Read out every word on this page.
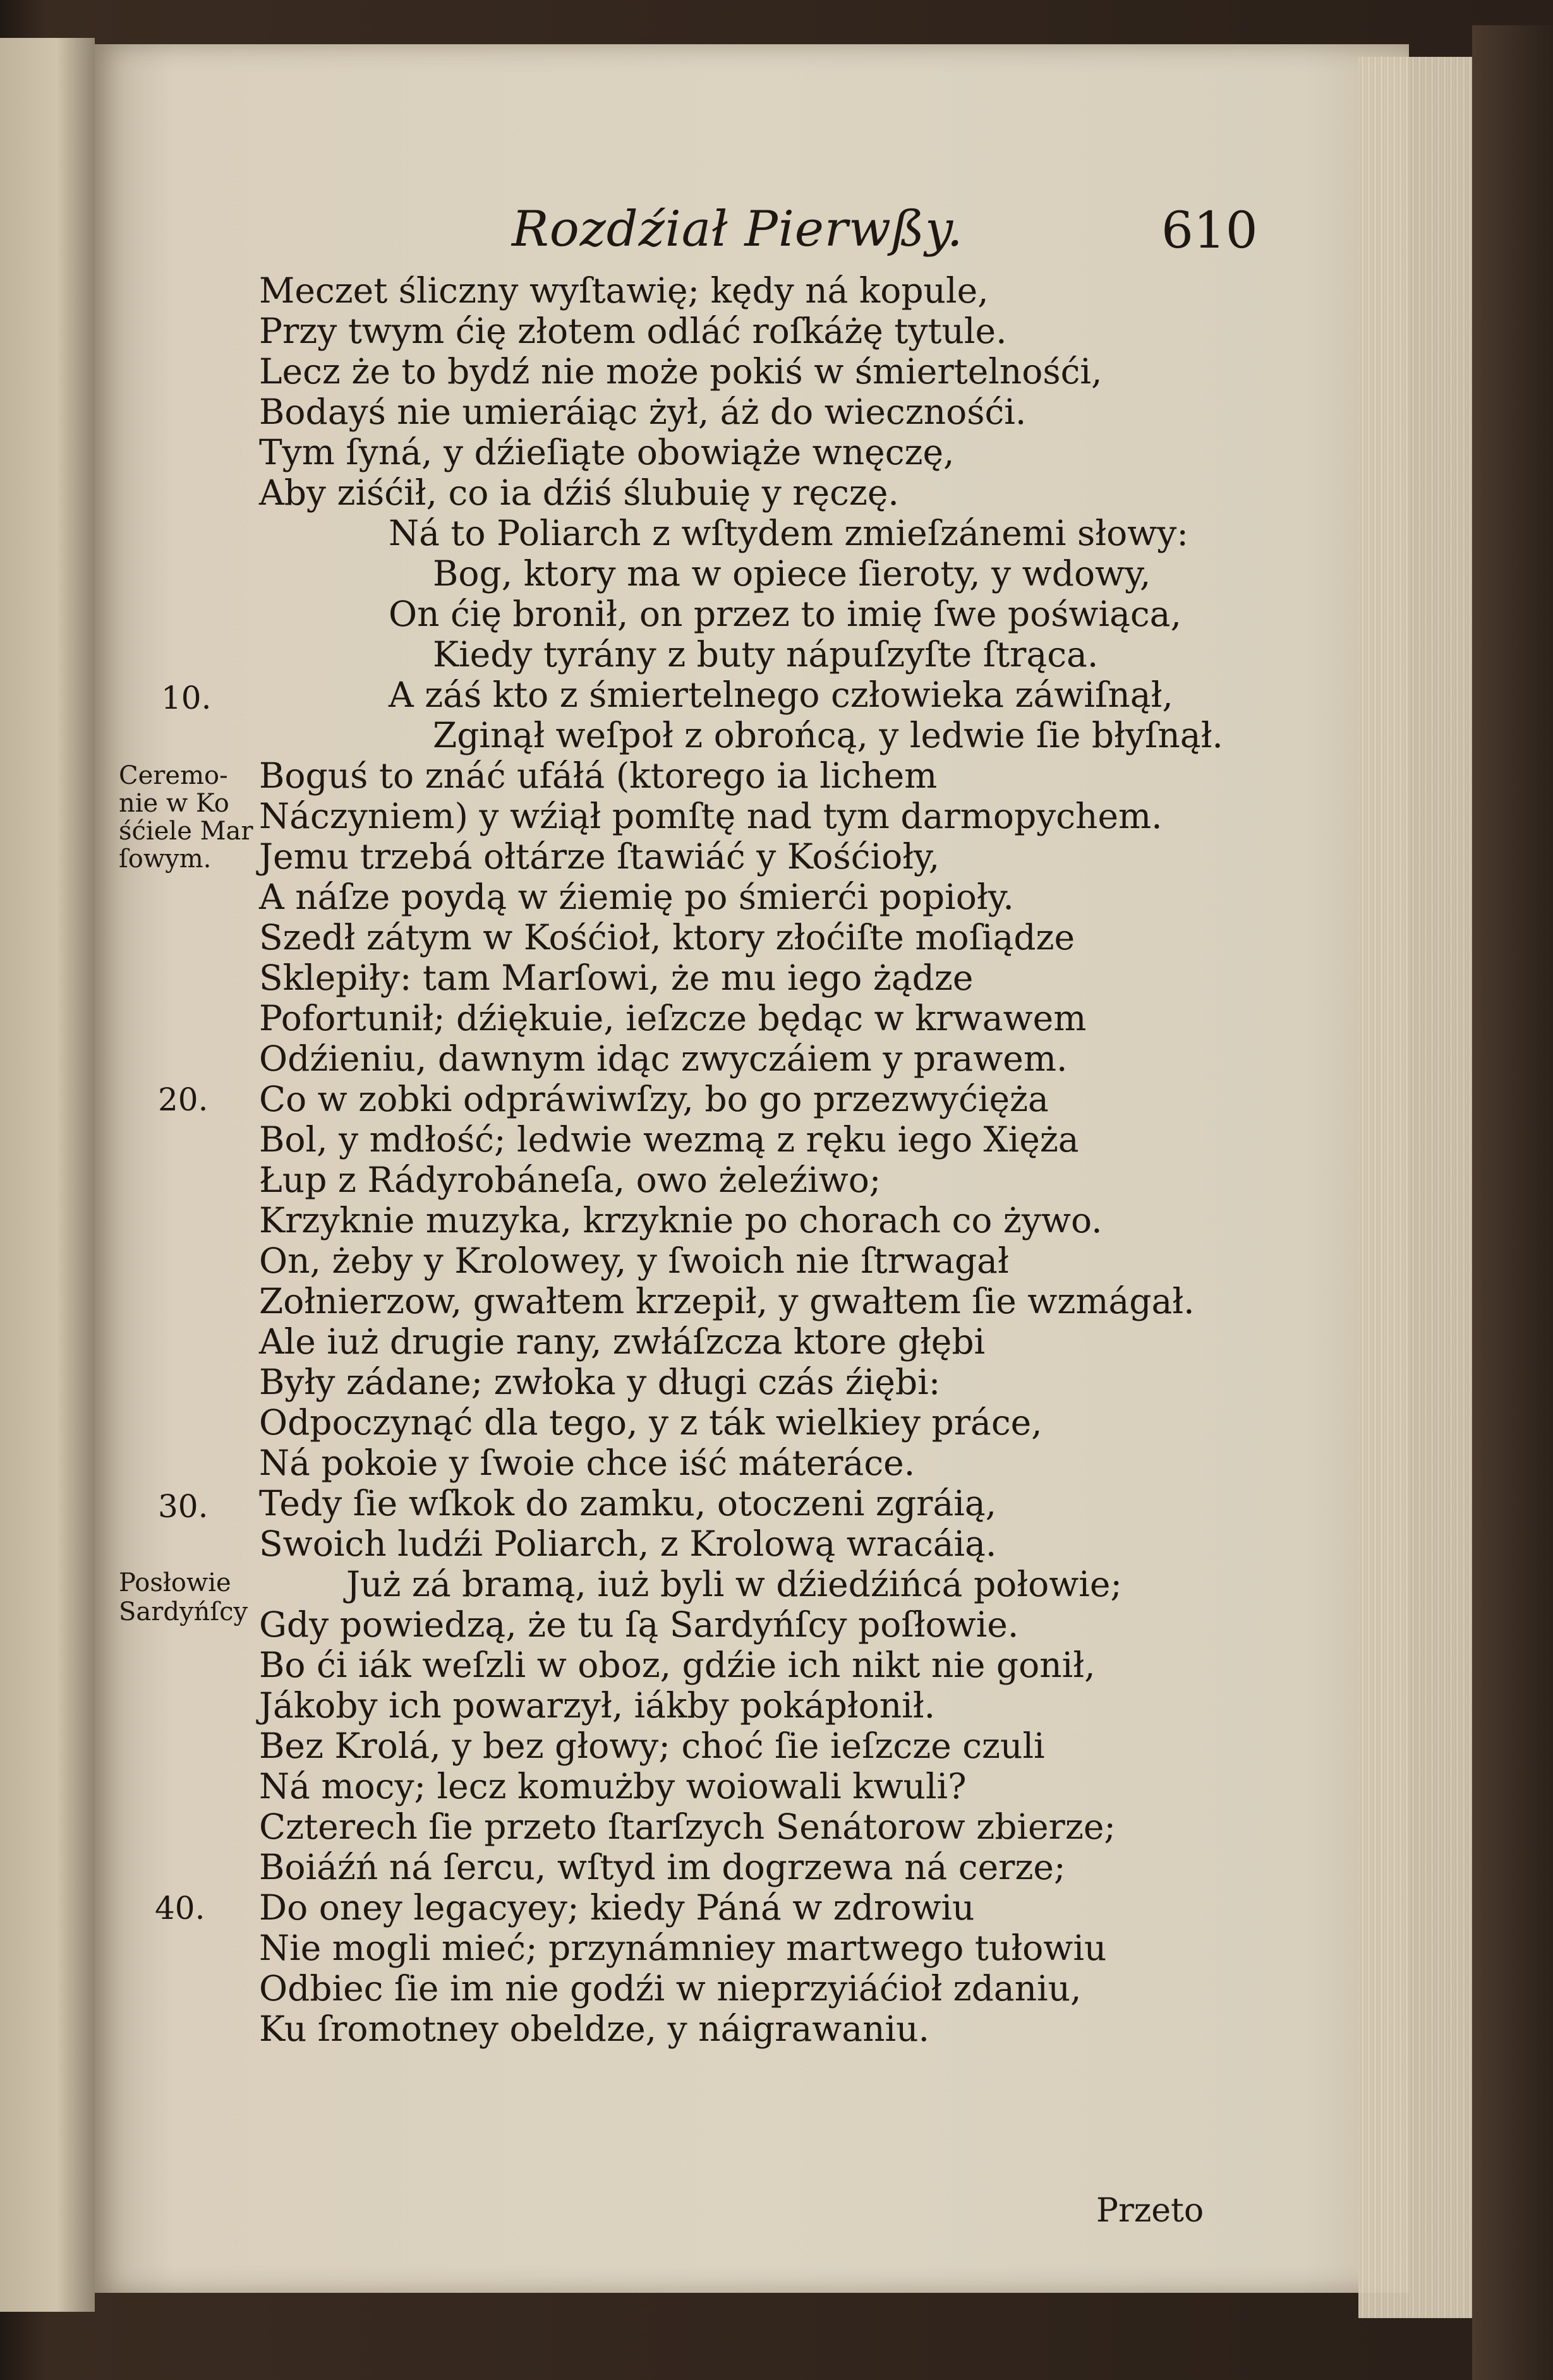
Rozdźiał Pierwßy.	610
Meczet śliczny wyſtawię; kędy ná kopule,
Przy twym ćię złotem odláć roſkáżę tytule.
Lecz że to bydź nie może pokiś w śmiertelnośći,
Bodayś nie umieráiąc żył, áż do wiecznośći.
Tym ſyná, y dźieſiąte obowiąże wnęczę,
Aby ziśćił, co ia dźiś ślubuię y ręczę.
Ná to Poliarch z wſtydem zmieſzánemi słowy:
Bog, ktory ma w opiece ſieroty, y wdowy,
On ćię bronił, on przez to imię ſwe poświąca,
Kiedy tyrány z buty nápuſzyſte ſtrąca.
A záś kto z śmiertelnego człowieka záwiſnął,
Zginął weſpoł z obrońcą, y ledwie ſie błyſnął.
Boguś to znáć ufáłá (ktorego ia lichem
Náczyniem) y wźiął pomſtę nad tym darmopychem.
Jemu trzebá ołtárze ſtawiáć y Kośćioły,
A náſze poydą w źiemię po śmierći popioły.
Szedł zátym w Kośćioł, ktory złoćiſte moſiądze
Sklepiły: tam Marſowi, że mu iego żądze
Pofortunił; dźiękuie, ieſzcze będąc w krwawem
Odźieniu, dawnym idąc zwyczáiem y prawem.
Co w zobki odpráwiwſzy, bo go przezwyćięża
Bol, y mdłość; ledwie wezmą z ręku iego Xięża
Łup z Rádyrobáneſa, owo żeleźiwo;
Krzyknie muzyka, krzyknie po chorach co żywo.
On, żeby y Krolowey, y ſwoich nie ſtrwagał
Zołnierzow, gwałtem krzepił, y gwałtem ſie wzmágał.
Ale iuż drugie rany, zwłáſzcza ktore głębi
Były zádane; zwłoka y długi czás źiębi:
Odpoczynąć dla tego, y z ták wielkiey práce,
Ná pokoie y ſwoie chce iść máteráce.
Tedy ſie wſkok do zamku, otoczeni zgráią,
Swoich ludźi Poliarch, z Krolową wracáią.
Już zá bramą, iuż byli w dźiedźińcá połowie;
Gdy powiedzą, że tu ſą Sardyńſcy poſłowie.
Bo ći iák weſzli w oboz, gdźie ich nikt nie gonił,
Jákoby ich powarzył, iákby pokápłonił.
Bez Krolá, y bez głowy; choć ſie ieſzcze czuli
Ná mocy; lecz komużby woiowali kwuli?
Czterech ſie przeto ſtarſzych Senátorow zbierze;
Boiáźń ná ſercu, wſtyd im dogrzewa ná cerze;
Do oney legacyey; kiedy Páná w zdrowiu
Nie mogli mieć; przynámniey martwego tułowiu
Odbiec ſie im nie godźi w nieprzyiáćioł zdaniu,
Ku ſromotney obeldze, y náigrawaniu.
10.
20.
30.
40.
Ceremo-
nie w Ko
śćiele Mar
ſowym.
Posłowie
Sardyńſcy
Przeto
